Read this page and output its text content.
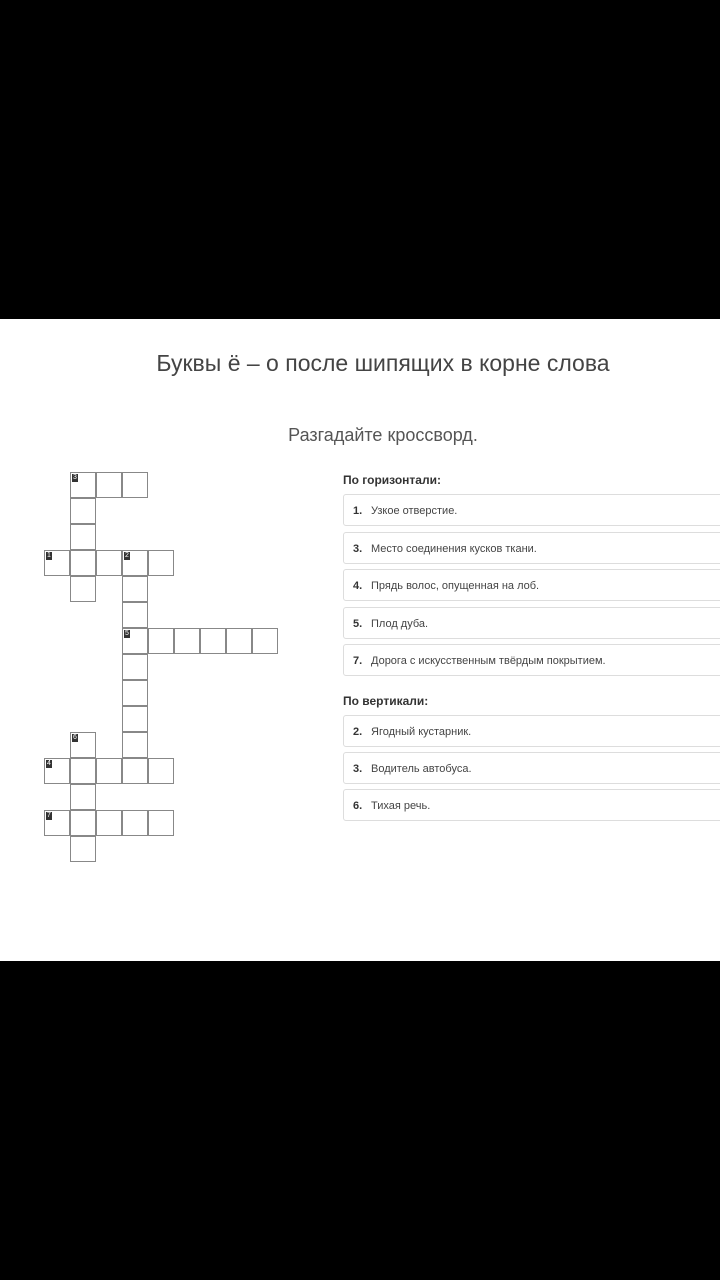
Буквы ё – о после шипящих в корне слова
Разгадайте кроссворд.
3
1	2
5
4
7
6
По горизонтали:
1. Узкое отверстие.
3. Место соединения кусков ткани.
4. Прядь волос, опущенная на лоб.
5. Плод дуба.
7. Дорога с искусственным твёрдым покрытием.
По вертикали:
2. Ягодный кустарник.
3. Водитель автобуса.
6. Тихая речь.
